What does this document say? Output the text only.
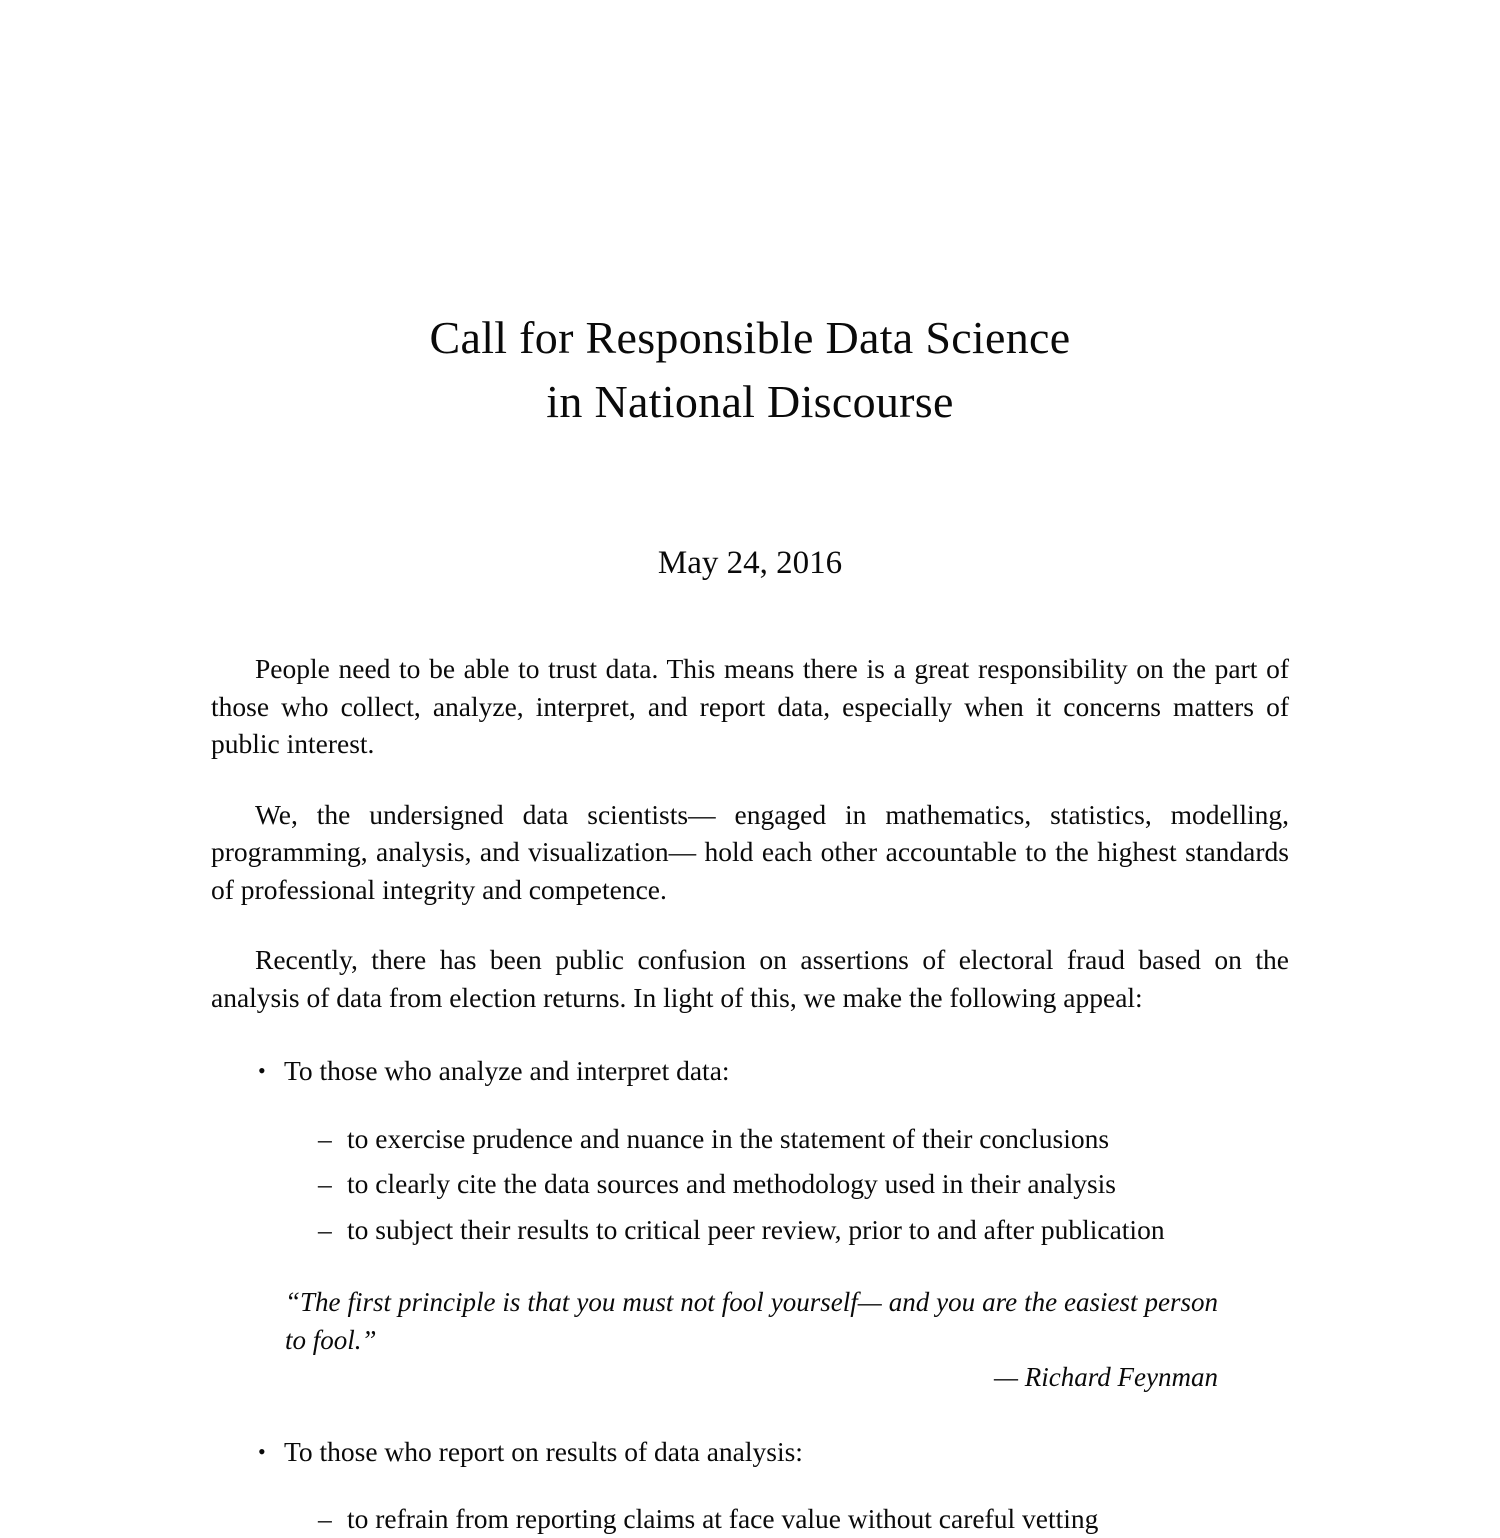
Call for Responsible Data Science
in National Discourse
May 24, 2016

People need to be able to trust data. This means there is a great responsibility on the part of those who collect, analyze, interpret, and report data, especially when it concerns matters of public interest.

We, the undersigned data scientists— engaged in mathematics, statistics, modelling, programming, analysis, and visualization— hold each other accountable to the highest standards of professional integrity and competence.

Recently, there has been public confusion on assertions of electoral fraud based on the analysis of data from election returns. In light of this, we make the following appeal:

• To those who analyze and interpret data:
– to exercise prudence and nuance in the statement of their conclusions
– to clearly cite the data sources and methodology used in their analysis
– to subject their results to critical peer review, prior to and after publication
“The first principle is that you must not fool yourself— and you are the easiest person to fool.”
— Richard Feynman
• To those who report on results of data analysis:
– to refrain from reporting claims at face value without careful vetting
